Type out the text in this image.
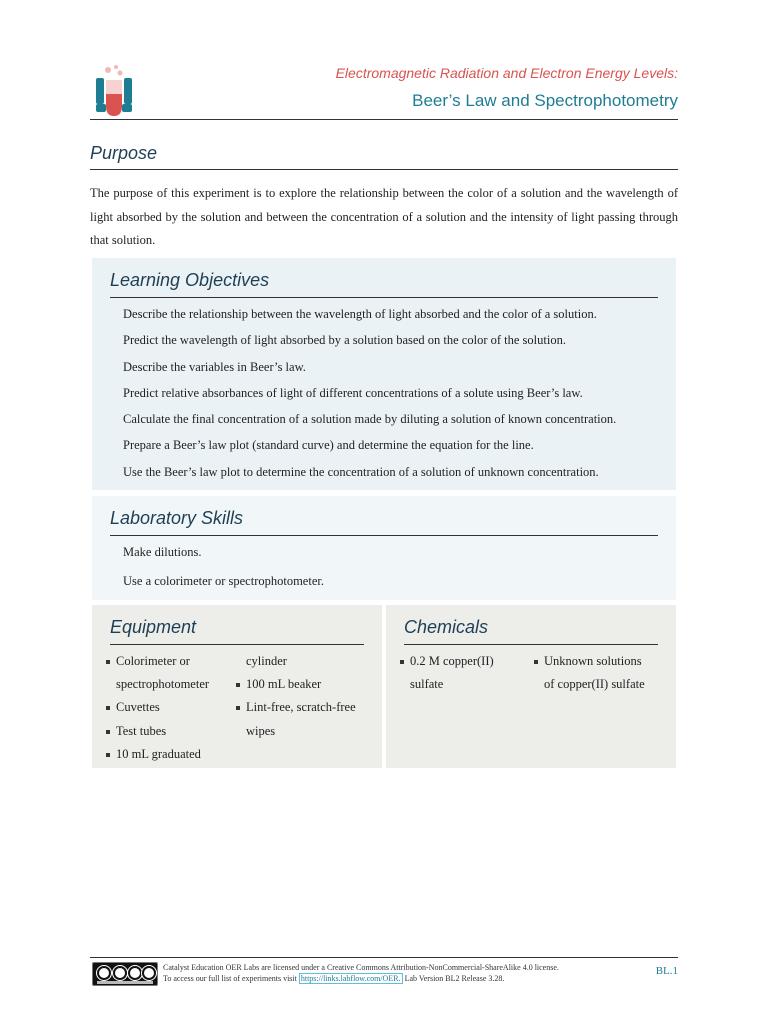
Electromagnetic Radiation and Electron Energy Levels:
Beer’s Law and Spectrophotometry
Purpose

The purpose of this experiment is to explore the relationship between the color of a solution and the wavelength of light absorbed by the solution and between the concentration of a solution and the intensity of light passing through that solution.

Learning Objectives
Describe the relationship between the wavelength of light absorbed and the color of a solution.
Predict the wavelength of light absorbed by a solution based on the color of the solution.
Describe the variables in Beer’s law.
Predict relative absorbances of light of different concentrations of a solute using Beer’s law.
Calculate the final concentration of a solution made by diluting a solution of known concentration.
Prepare a Beer’s law plot (standard curve) and determine the equation for the line.
Use the Beer’s law plot to determine the concentration of a solution of unknown concentration.
Laboratory Skills
Make dilutions.
Use a colorimeter or spectrophotometer.
Equipment
Colorimeter or
spectrophotometer
Cuvettes
Test tubes
10 mL graduated
cylinder
100 mL beaker
Lint-free, scratch-free
wipes
Chemicals
0.2 M copper(II)
sulfate
Unknown solutions
of copper(II) sulfate
Catalyst Education OER Labs are licensed under a Creative Commons Attribution-NonCommercial-ShareAlike 4.0 license.
To access our full list of experiments visit https://links.labflow.com/OER. Lab Version BL2 Release 3.28.
BL.1
